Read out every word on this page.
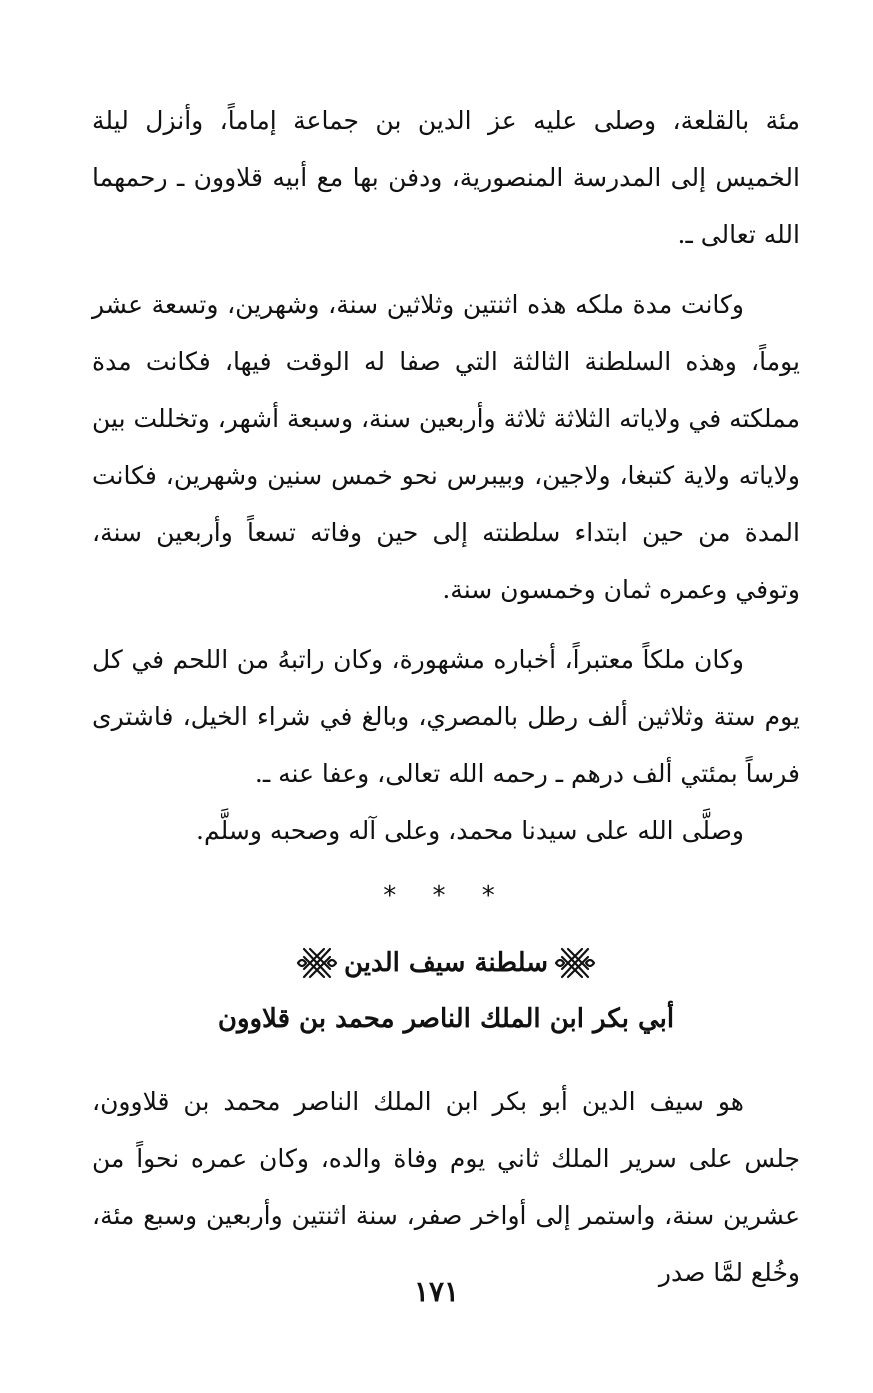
مئة بالقلعة، وصلى عليه عز الدين بن جماعة إماماً، وأنزل ليلة الخميس إلى المدرسة المنصورية، ودفن بها مع أبيه قلاوون ـ رحمهما الله تعالى ـ.

وكانت مدة ملكه هذه اثنتين وثلاثين سنة، وشهرين، وتسعة عشر يوماً، وهذه السلطنة الثالثة التي صفا له الوقت فيها، فكانت مدة مملكته في ولاياته الثلاثة ثلاثة وأربعين سنة، وسبعة أشهر، وتخللت بين ولاياته ولاية كتبغا، ولاجين، وبيبرس نحو خمس سنين وشهرين، فكانت المدة من حين ابتداء سلطنته إلى حين وفاته تسعاً وأربعين سنة، وتوفي وعمره ثمان وخمسون سنة.

وكان ملكاً معتبراً، أخباره مشهورة، وكان راتبهُ من اللحم في كل يوم ستة وثلاثين ألف رطل بالمصري، وبالغ في شراء الخيل، فاشترى فرساً بمئتي ألف درهم ـ رحمه الله تعالى، وعفا عنه ـ.

وصلَّى الله على سيدنا محمد، وعلى آله وصحبه وسلَّم.

* * *
سلطنة سيف الدين

أبي بكر ابن الملك الناصر محمد بن قلاوون

هو سيف الدين أبو بكر ابن الملك الناصر محمد بن قلاوون، جلس على سرير الملك ثاني يوم وفاة والده، وكان عمره نحواً من عشرين سنة، واستمر إلى أواخر صفر، سنة اثنتين وأربعين وسبع مئة، وخُلع لمَّا صدر

١٧١
